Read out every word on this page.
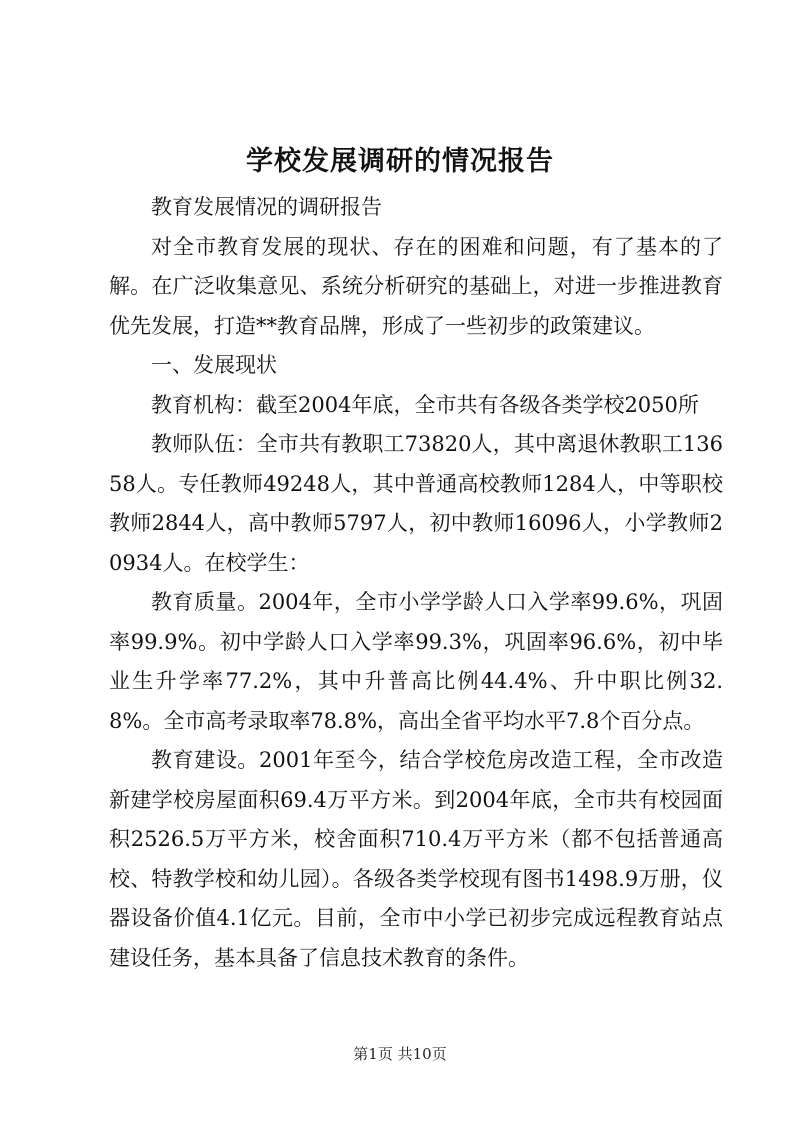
学校发展调研的情况报告

教育发展情况的调研报告

对全市教育发展的现状、存在的困难和问题，有了基本的了解。在广泛收集意见、系统分析研究的基础上，对进一步推进教育优先发展，打造**教育品牌，形成了一些初步的政策建议。

一、发展现状

教育机构：截至2004年底，全市共有各级各类学校2050所

教师队伍：全市共有教职工73820人，其中离退休教职工13658人。专任教师49248人，其中普通高校教师1284人，中等职校教师2844人，高中教师5797人，初中教师16096人，小学教师20934人。在校学生：

教育质量。2004年，全市小学学龄人口入学率99.6%，巩固率99.9%。初中学龄人口入学率99.3%，巩固率96.6%，初中毕业生升学率77.2%，其中升普高比例44.4%、升中职比例32.8%。全市高考录取率78.8%，高出全省平均水平7.8个百分点。

教育建设。2001年至今，结合学校危房改造工程，全市改造新建学校房屋面积69.4万平方米。到2004年底，全市共有校园面积2526.5万平方米，校舍面积710.4万平方米（都不包括普通高校、特教学校和幼儿园）。各级各类学校现有图书1498.9万册，仪器设备价值4.1亿元。目前，全市中小学已初步完成远程教育站点建设任务，基本具备了信息技术教育的条件。

第1页 共10页
